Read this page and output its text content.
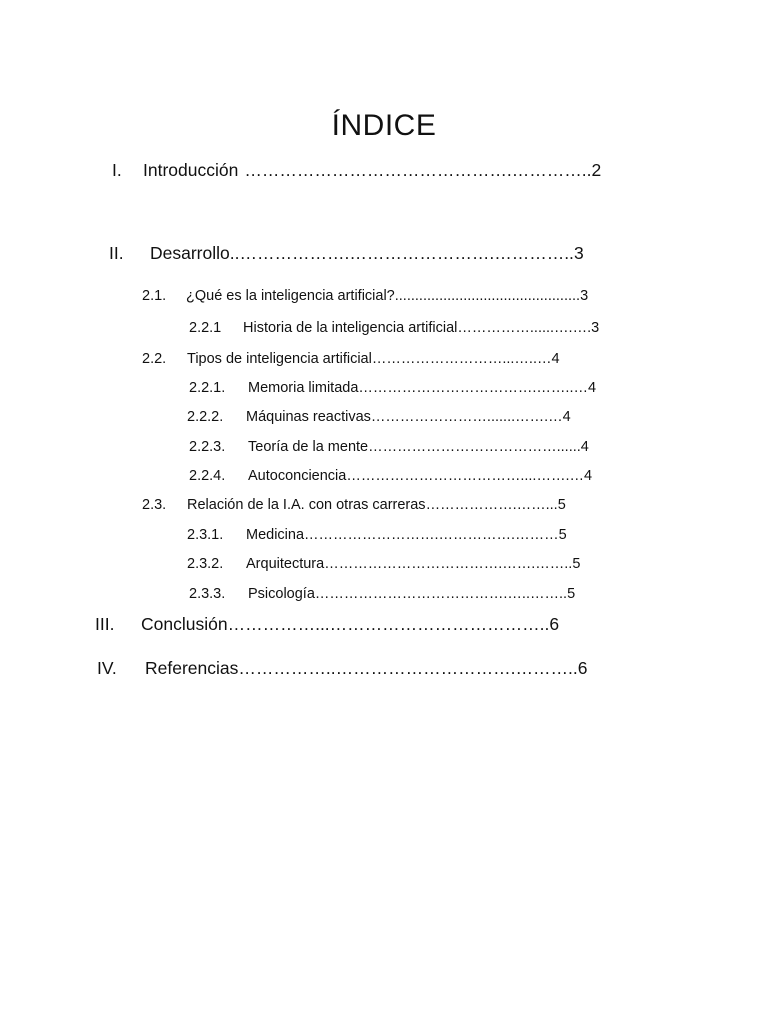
ÍNDICE
I.	Introducción ……………………………………….………….. 2
II.	Desarrollo ..……………….…………………….………….. 3
2.1.	¿Qué es la inteligencia artificial? .............................................. 3
2.2.1	Historia de la inteligencia artificial ……………......….…. 3
2.2.	Tipos de inteligencia artificial ………………………...…..… 4
2.2.1.	Memoria limitada ……………………………….……..… 4
2.2.2.	Máquinas reactivas …………………….......…….… 4
2.2.3.	Teoría de la mente …………………………………...... 4
2.2.4.	Autoconciencia ………………………………....…….… 4
2.3.	Relación de la I.A. con otras carreras ……………….……... 5
2.3.1.	Medicina ……………………….…………….……… 5
2.3.2.	Arquitectura ……………………………….…….…….. 5
2.3.3.	Psicología ………………………………….…..…….. 5
III.	Conclusión ……………...……………………………….. 6
IV.	Referencias ……………..………………………….……….. 6
